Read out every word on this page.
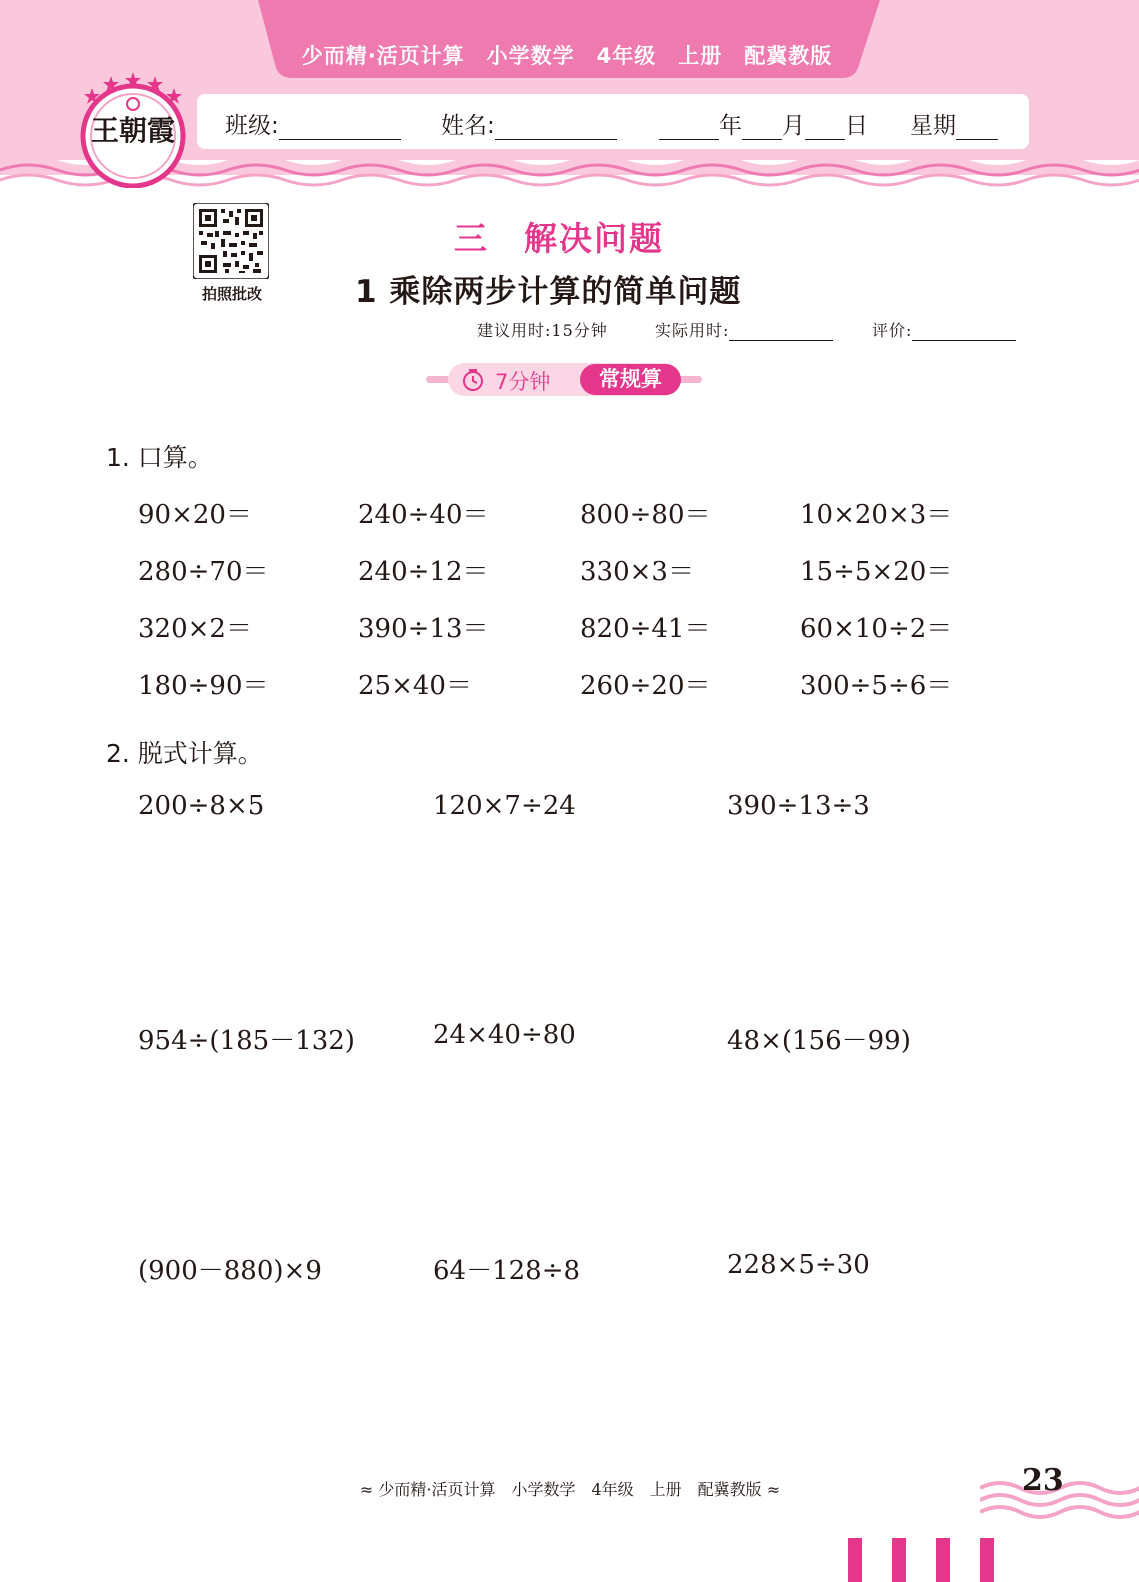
少而精·活页计算　小学数学　4年级　上册　配冀教版
王朝霞 班级:	姓名:	年 月 日 星期
拍照批改
三　解决问题
1 乘除两步计算的简单问题
建议用时:15分钟	实际用时:	评价:
7分钟	常规算
1. 口算。
90×20＝	240÷40＝	800÷80＝	10×20×3＝
280÷70＝	240÷12＝	330×3＝	15÷5×20＝
320×2＝	390÷13＝	820÷41＝	60×10÷2＝
180÷90＝	25×40＝	260÷20＝	300÷5÷6＝
2. 脱式计算。
200÷8×5	120×7÷24	390÷13÷3
954÷(185－132)	24×40÷80	48×(156－99)
(900－880)×9	64－128÷8	228×5÷30
≈ 少而精·活页计算　小学数学　4年级　上册　配冀教版 ≈	23
